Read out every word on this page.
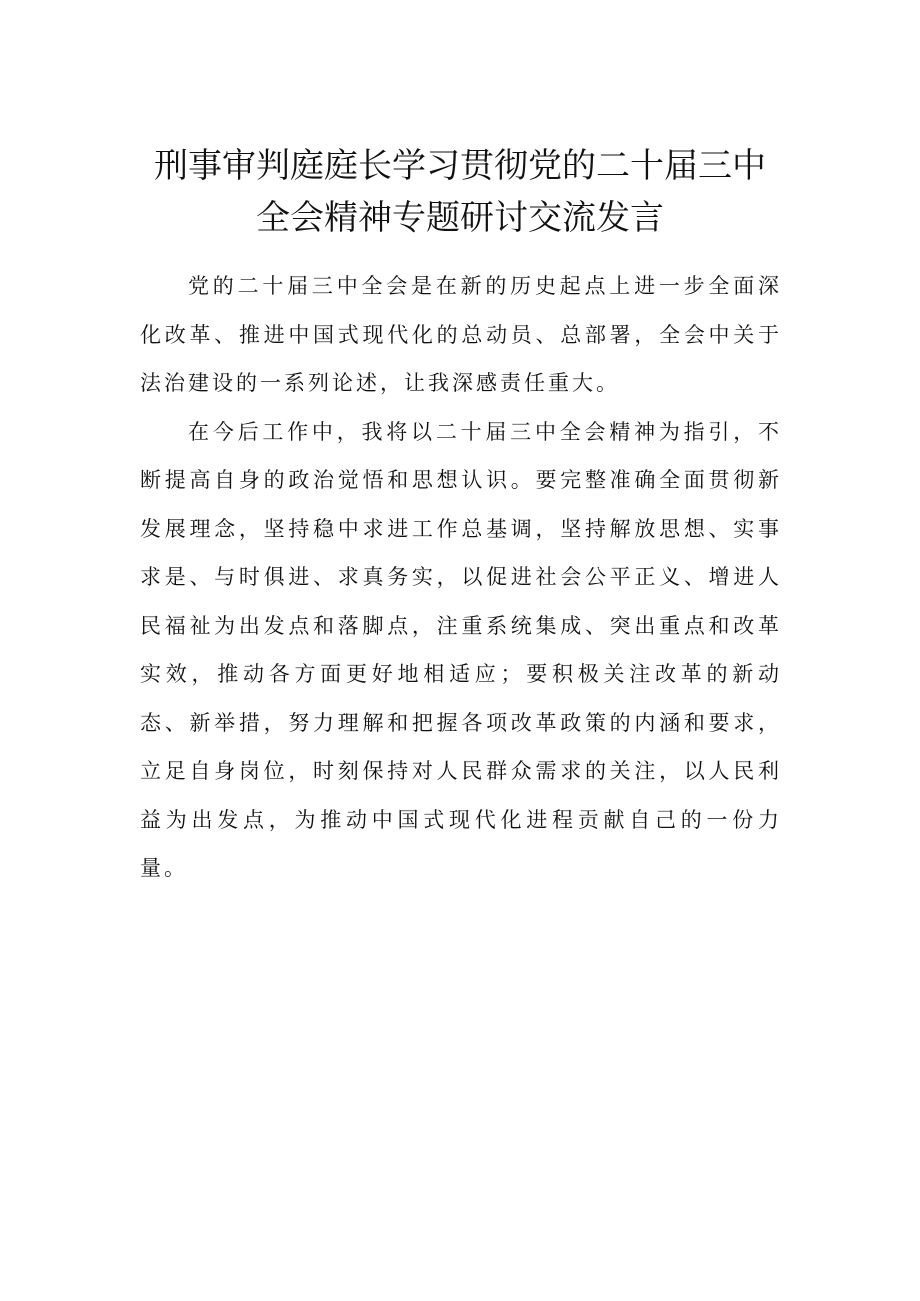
刑事审判庭庭长学习贯彻党的二十届三中
全会精神专题研讨交流发言

党的二十届三中全会是在新的历史起点上进一步全面深化改革、推进中国式现代化的总动员、总部署，全会中关于法治建设的一系列论述，让我深感责任重大。

在今后工作中，我将以二十届三中全会精神为指引，不断提高自身的政治觉悟和思想认识。要完整准确全面贯彻新发展理念，坚持稳中求进工作总基调，坚持解放思想、实事求是、与时俱进、求真务实，以促进社会公平正义、增进人民福祉为出发点和落脚点，注重系统集成、突出重点和改革实效，推动各方面更好地相适应；要积极关注改革的新动态、新举措，努力理解和把握各项改革政策的内涵和要求，立足自身岗位，时刻保持对人民群众需求的关注，以人民利益为出发点，为推动中国式现代化进程贡献自己的一份力量。
